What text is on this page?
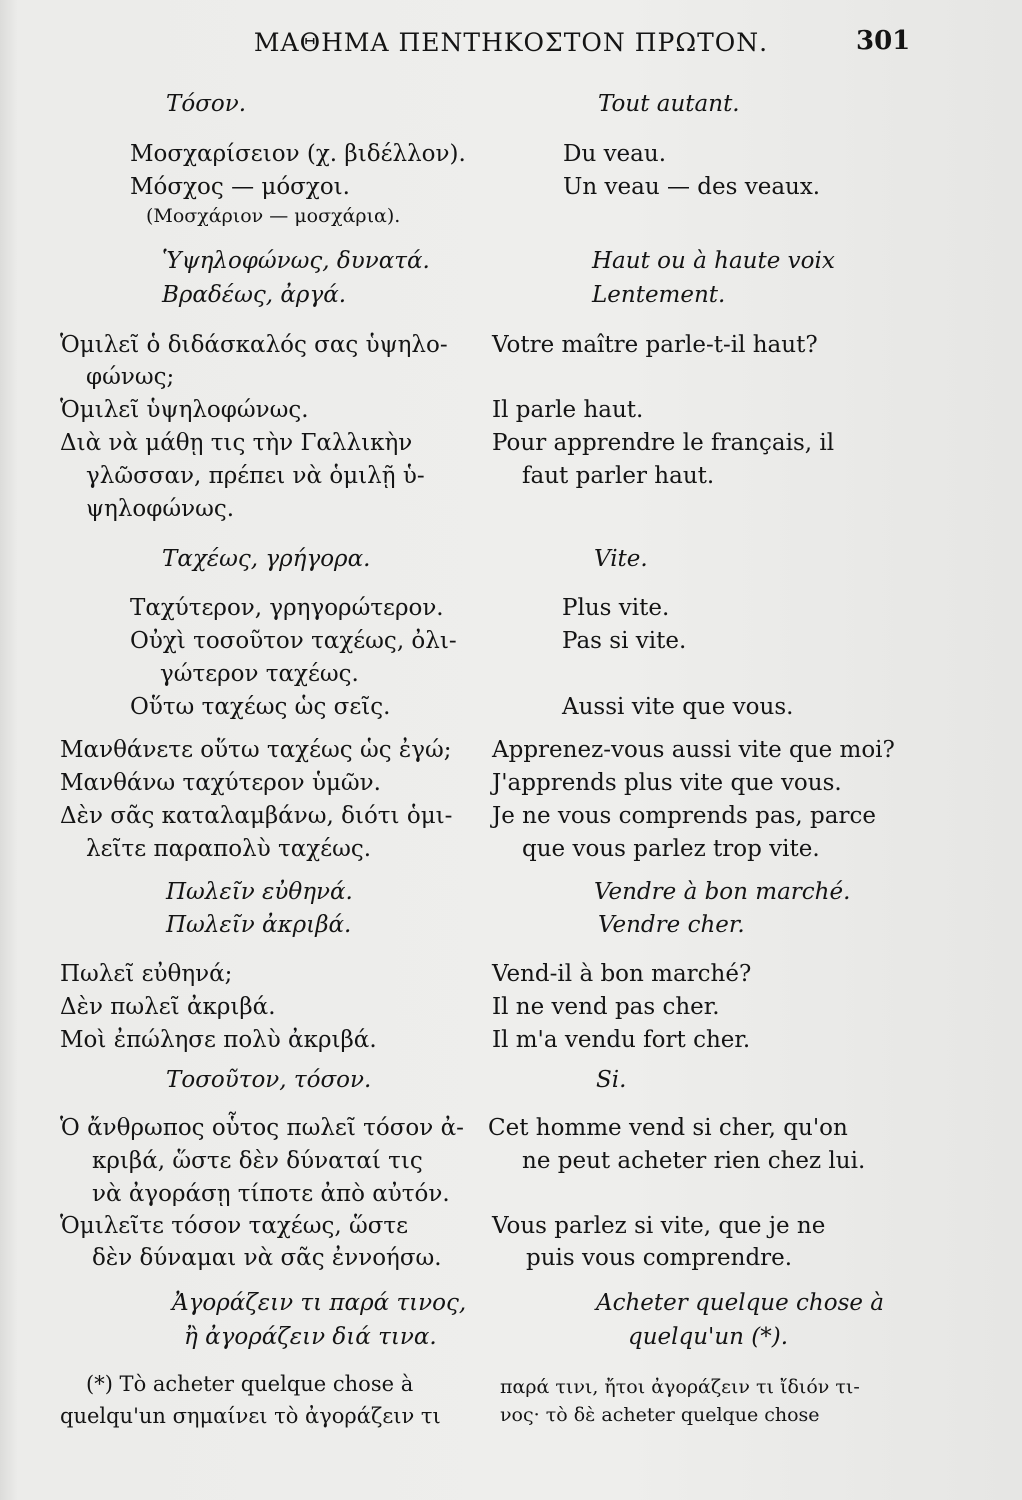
ΜΑΘΗΜΑ ΠΕΝΤΗΚΟΣΤΟΝ ΠΡΩΤΟΝ.	301
Τόσον.	Tout autant.
Μοσχαρίσειον (χ. βιδέλλον).	Du veau.
Μόσχος — μόσχοι.	Un veau — des veaux.
(Μοσχάριον — μοσχάρια).
Ὑψηλοφώνως, δυνατά.	Haut ou à haute voix
Βραδέως, ἀργά.	Lentement.
Ὁμιλεῖ ὁ διδάσκαλός σας ὑψηλο- Votre maître parle-t-il haut?
φώνως;
Ὁμιλεῖ ὑψηλοφώνως.	Il parle haut.
Διὰ νὰ μάθῃ τις τὴν Γαλλικὴν	Pour apprendre le français, il
γλῶσσαν, πρέπει νὰ ὁμιλῇ ὑ-	faut parler haut.
ψηλοφώνως.
Ταχέως, γρήγορα.	Vite.
Ταχύτερον, γρηγορώτερον.	Plus vite.
Οὐχὶ τοσοῦτον ταχέως, ὀλι-	Pas si vite.
γώτερον ταχέως.
Οὕτω ταχέως ὡς σεῖς.	Aussi vite que vous.
Μανθάνετε οὕτω ταχέως ὡς ἐγώ; Apprenez-vous aussi vite que moi?
Μανθάνω ταχύτερον ὑμῶν.	J'apprends plus vite que vous.
Δὲν σᾶς καταλαμβάνω, διότι ὁμι- Je ne vous comprends pas, parce
λεῖτε παραπολὺ ταχέως.	que vous parlez trop vite.
Πωλεῖν εὐθηνά.	Vendre à bon marché.
Πωλεῖν ἀκριβά.	Vendre cher.
Πωλεῖ εὐθηνά;	Vend-il à bon marché?
Δὲν πωλεῖ ἀκριβά.	Il ne vend pas cher.
Μοὶ ἐπώλησε πολὺ ἀκριβά.	Il m'a vendu fort cher.
Τοσοῦτον, τόσον.	Si.
Ὁ ἄνθρωπος οὗτος πωλεῖ τόσον ἀ- Cet homme vend si cher, qu'on
κριβά, ὥστε δὲν δύναταί τις	ne peut acheter rien chez lui.
νὰ ἀγοράσῃ τίποτε ἀπὸ αὐτόν.
Ὁμιλεῖτε τόσον ταχέως, ὥστε	Vous parlez si vite, que je ne
δὲν δύναμαι νὰ σᾶς ἐννοήσω.	puis vous comprendre.
Ἀγοράζειν τι παρά τινος,	Acheter quelque chose à
ἢ ἀγοράζειν διά τινα.	quelqu'un (*).
(*) Τὸ acheter quelque chose à	παρά τινι, ἤτοι ἀγοράζειν τι ἴδιόν τι-
quelqu'un σημαίνει τὸ ἀγοράζειν τι	νος· τὸ δὲ acheter quelque chose
